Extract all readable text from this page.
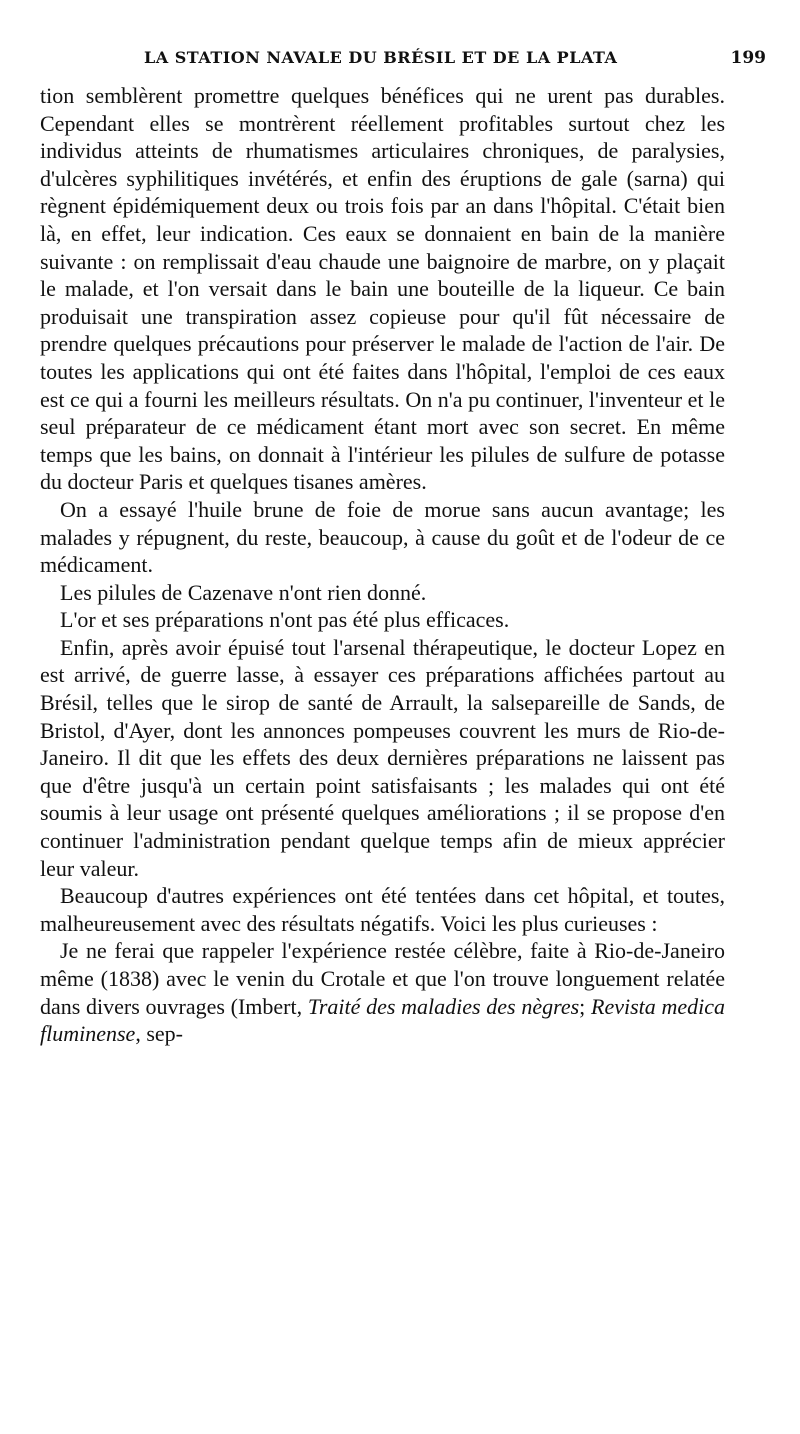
LA STATION NAVALE DU BRÉSIL ET DE LA PLATA	199

tion semblèrent promettre quelques bénéfices qui ne urent pas durables. Cependant elles se montrèrent réellement profitables surtout chez les individus atteints de rhumatismes articulaires chroniques, de paralysies, d'ulcères syphilitiques invétérés, et enfin des éruptions de gale (sarna) qui règnent épidémiquement deux ou trois fois par an dans l'hôpital. C'était bien là, en effet, leur indication. Ces eaux se donnaient en bain de la manière suivante : on remplissait d'eau chaude une baignoire de marbre, on y plaçait le malade, et l'on versait dans le bain une bouteille de la liqueur. Ce bain produisait une transpiration assez copieuse pour qu'il fût nécessaire de prendre quelques précautions pour préserver le malade de l'action de l'air. De toutes les applications qui ont été faites dans l'hôpital, l'emploi de ces eaux est ce qui a fourni les meilleurs résultats. On n'a pu continuer, l'inventeur et le seul préparateur de ce médicament étant mort avec son secret. En même temps que les bains, on donnait à l'intérieur les pilules de sulfure de potasse du docteur Paris et quelques tisanes amères.

On a essayé l'huile brune de foie de morue sans aucun avantage; les malades y répugnent, du reste, beaucoup, à cause du goût et de l'odeur de ce médicament.

Les pilules de Cazenave n'ont rien donné.

L'or et ses préparations n'ont pas été plus efficaces.

Enfin, après avoir épuisé tout l'arsenal thérapeutique, le docteur Lopez en est arrivé, de guerre lasse, à essayer ces préparations affichées partout au Brésil, telles que le sirop de santé de Arrault, la salsepareille de Sands, de Bristol, d'Ayer, dont les annonces pompeuses couvrent les murs de Rio-de-Janeiro. Il dit que les effets des deux dernières préparations ne laissent pas que d'être jusqu'à un certain point satisfaisants ; les malades qui ont été soumis à leur usage ont présenté quelques améliorations ; il se propose d'en continuer l'administration pendant quelque temps afin de mieux apprécier leur valeur.

Beaucoup d'autres expériences ont été tentées dans cet hôpital, et toutes, malheureusement avec des résultats négatifs. Voici les plus curieuses :

Je ne ferai que rappeler l'expérience restée célèbre, faite à Rio-de-Janeiro même (1838) avec le venin du Crotale et que l'on trouve longuement relatée dans divers ouvrages (Imbert, Traité des maladies des nègres; Revista medica fluminense, sep-
